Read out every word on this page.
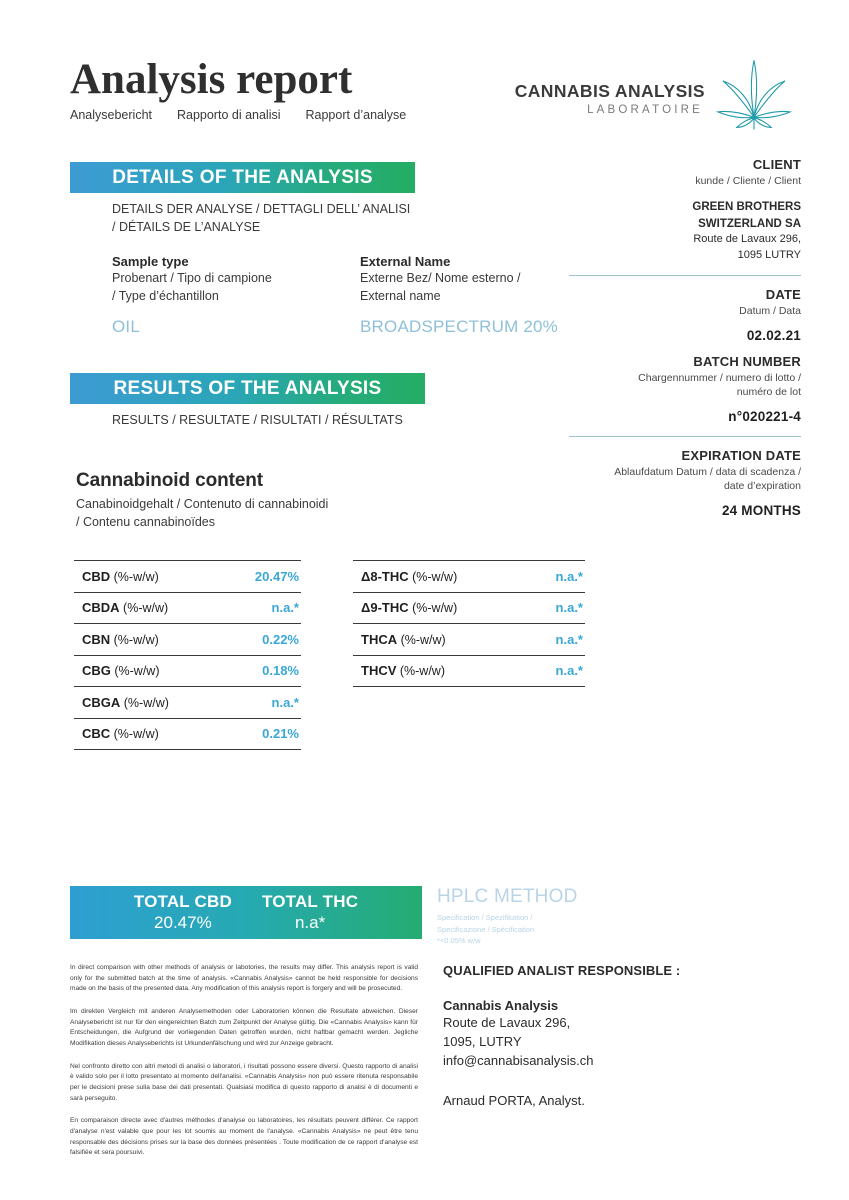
Analysis report
Analysebericht Rapporto di analisi Rapport d’analyse
CANNABIS ANALYSIS
LABORATOIRE
DETAILS OF THE ANALYSIS
DETAILS DER ANALYSE / DETTAGLI DELL’ ANALISI
/ DÉTAILS DE L’ANALYSE
Sample type
Probenart / Tipo di campione
/ Type d’échantillon
OIL
External Name
Externe Bez/ Nome esterno /
External name
BROADSPECTRUM 20%
CLIENT
kunde / Cliente / Client
GREEN BROTHERS
SWITZERLAND SA
Route de Lavaux 296,
1095 LUTRY
DATE
Datum / Data
02.02.21
BATCH NUMBER
Chargennummer / numero di lotto /
numéro de lot
n°020221-4
EXPIRATION DATE
Ablaufdatum Datum / data di scadenza /
date d’expiration
24 MONTHS
RESULTS OF THE ANALYSIS
RESULTS / RESULTATE / RISULTATI / RÉSULTATS
Cannabinoid content
Canabinoidgehalt / Contenuto di cannabinoidi
/ Contenu cannabinoïdes
CBD (%-w/w)	20.47%
CBDA (%-w/w)	n.a.*
CBN (%-w/w)	0.22%
CBG (%-w/w)	0.18%
CBGA (%-w/w)	n.a.*
CBC (%-w/w)	0.21%
Δ8-THC (%-w/w)	n.a.*
Δ9-THC (%-w/w)	n.a.*
THCA (%-w/w)	n.a.*
THCV (%-w/w)	n.a.*
TOTAL CBD
20.47%
TOTAL THC
n.a*
HPLC METHOD
Specification / Spezifikation /
Specificazione / Spécification
*<0.05% w/w

In direct comparison with other methods of analysis or labotories, the results may differ. This analysis report is valid only for the submitted batch at the time of analysis. «Cannabis Analysis» cannot be held responsible for decisions made on the basis of the presented data. Any modification of this analysis report is forgery and will be prosecuted.

Im direkten Vergleich mit anderen Analysemethoden oder Laboratorien können die Resultate abweichen. Dieser Analysebericht ist nur für den eingereichten Batch zum Zeitpunkt der Analyse gültig. Die «Cannabis Analysis» kann für Entscheidungen, die Aufgrund der vorliegenden Daten getroffen wurden, nicht haftbar gemacht werden. Jegliche Modifikation dieses Analyseberichts ist Urkundenfälschung und wird zur Anzeige gebracht.

Nel confronto diretto con altri metodi di analisi o laboratori, i risultati possono essere diversi. Questo rapporto di analisi è valido solo per il lotto presentato al momento dell'analisi. «Cannabis Analysis» non può essere ritenuta responsabile per le decisioni prese sulla base dei dati presentati. Qualsiasi modifica di questo rapporto di analisi è di documenti e sarà perseguito.

En comparaison directe avec d'autres méthodes d'analyse ou laboratoires, les résultats peuvent différer. Ce rapport d'analyse n'est valable que pour les lot soumis au moment de l'analyse. «Cannabis Analysis» ne peut être tenu responsable des décisions prises sur la base des données présentées . Toute modification de ce rapport d'analyse est falsifiée et sera poursuivi.

QUALIFIED ANALIST RESPONSIBLE :
Cannabis Analysis
Route de Lavaux 296,
1095, LUTRY
info@cannabisanalysis.ch
Arnaud PORTA, Analyst.
